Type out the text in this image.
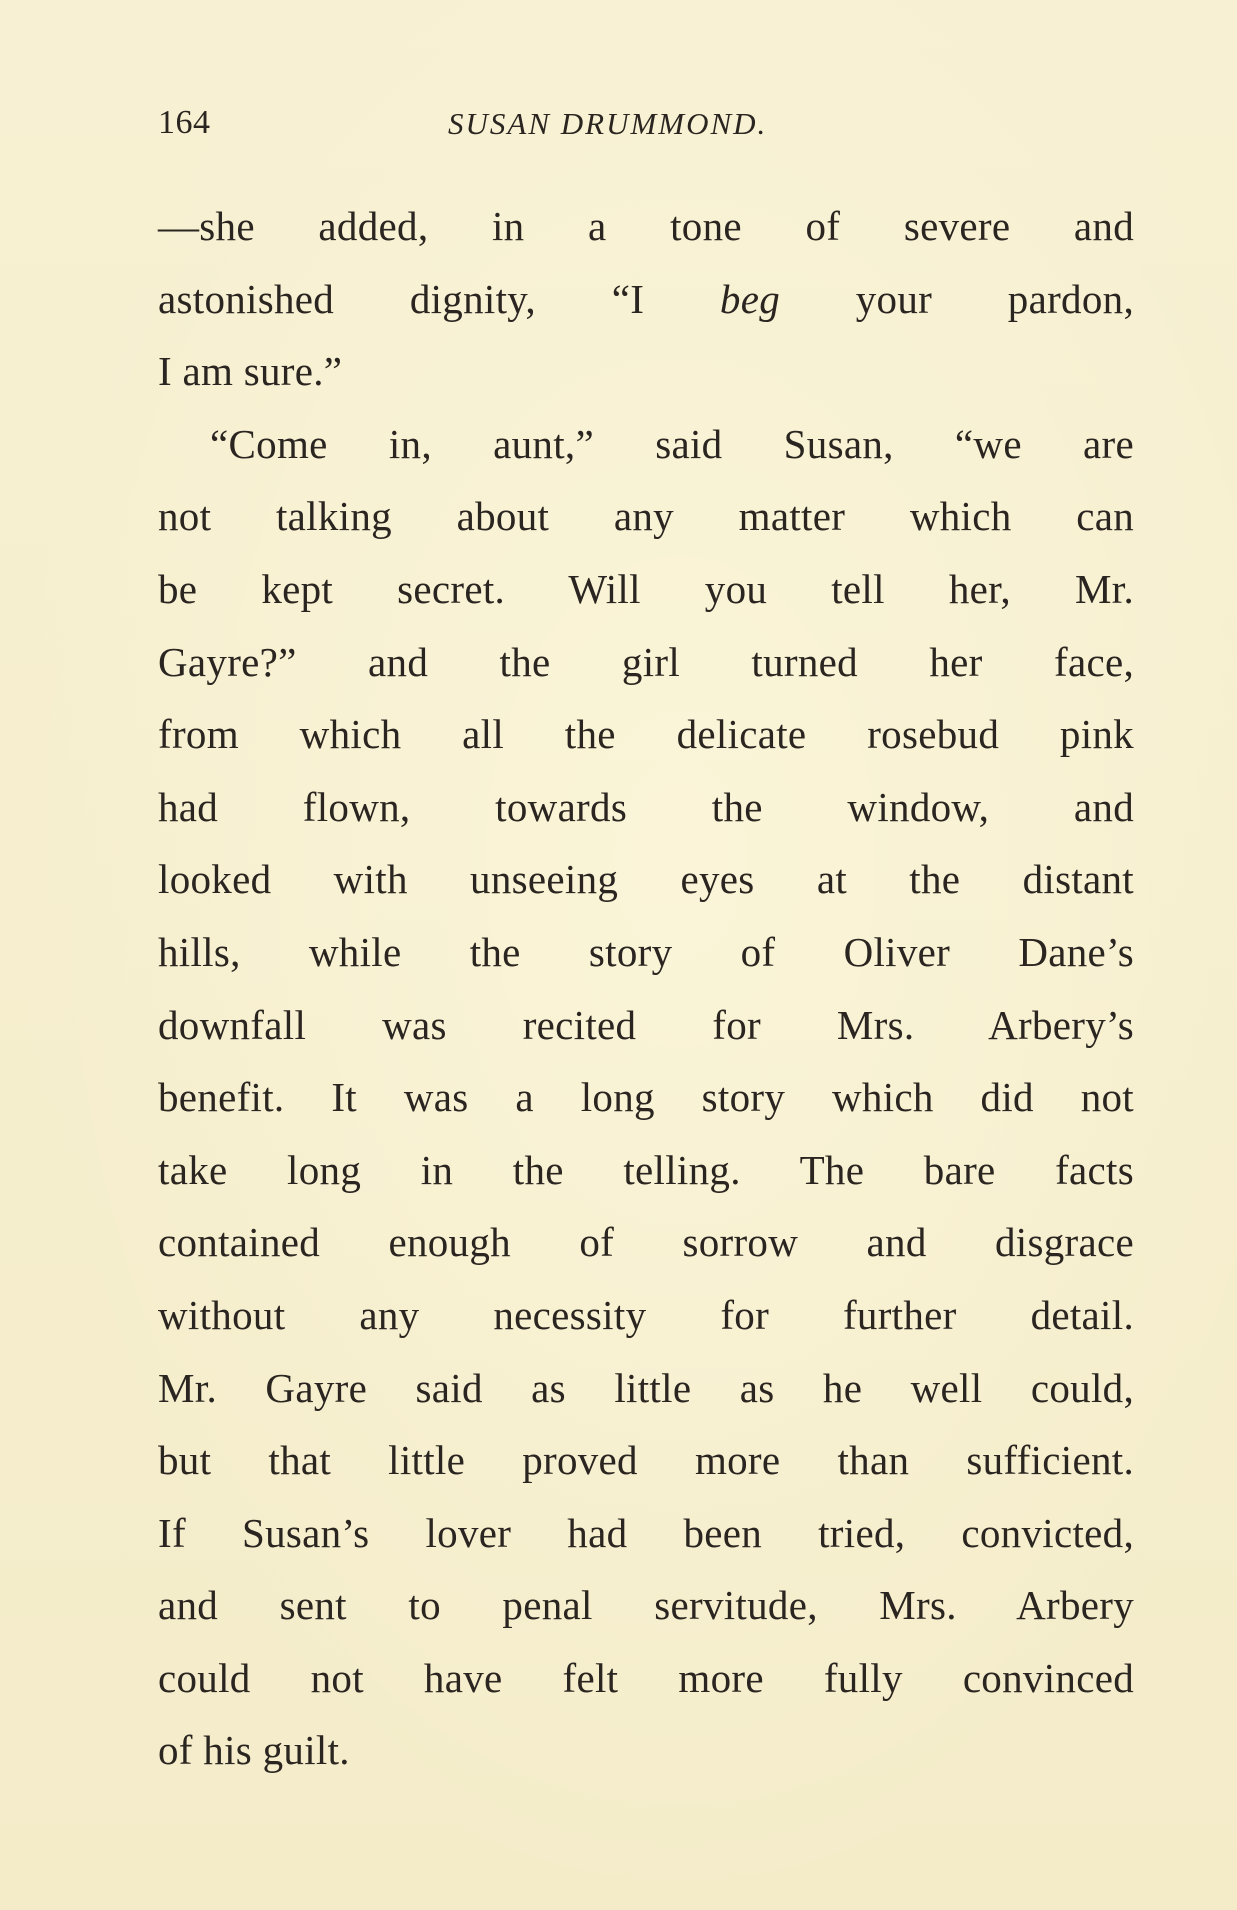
164	SUSAN DRUMMOND.
—she added, in a tone of severe and
astonished dignity, “I beg your pardon,
I am sure.”
“Come in, aunt,” said Susan, “we are
not talking about any matter which can
be kept secret. Will you tell her, Mr.
Gayre?” and the girl turned her face,
from which all the delicate rosebud pink
had flown, towards the window, and
looked with unseeing eyes at the distant
hills, while the story of Oliver Dane’s
downfall was recited for Mrs. Arbery’s
benefit. It was a long story which did not
take long in the telling. The bare facts
contained enough of sorrow and disgrace
without any necessity for further detail.
Mr. Gayre said as little as he well could,
but that little proved more than sufficient.
If Susan’s lover had been tried, convicted,
and sent to penal servitude, Mrs. Arbery
could not have felt more fully convinced
of his guilt.
